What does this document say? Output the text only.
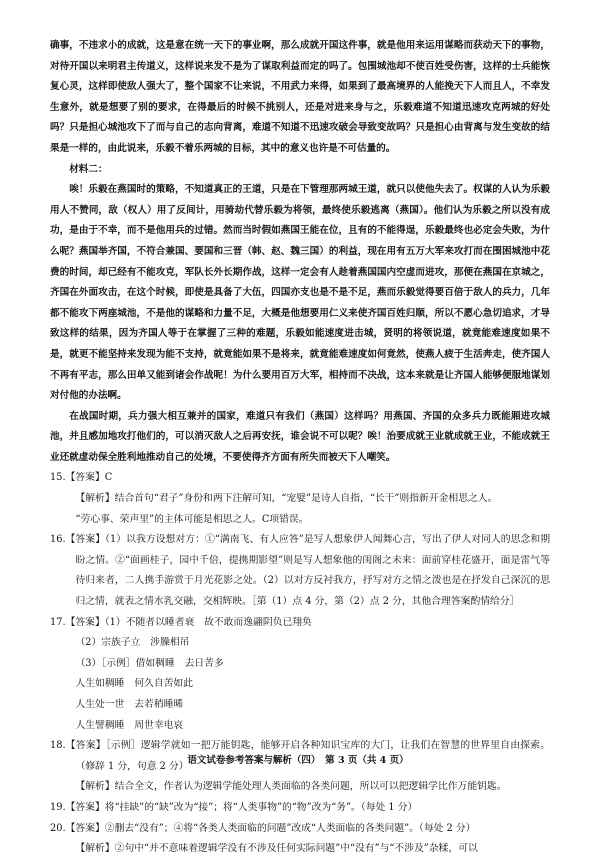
确事，不违求小的成就，这是意在统一天下的事业啊，那么成就开国这件事，就是他用来运用谋略而获动天下的事物，对待开国以来明君主传道义，这样说来发不是为了谋取利益而定的吗了。包围城池却不使百姓受伤害，这样的士兵能恢复心灵，这样即使敌人强大了，整个国家不让来说，不用武力来得，如果到了最高境界的人能挽天下人而且人，不幸发生意外，就是想要了别的要求，在得最后的时候不挑别人，还是对进来身与之，乐毅难道不知道迅速攻克两城的好处吗？只是担心城池攻下了而与自己的志向背离，难道不知道不迅速攻破会导致变故吗？只是担心由背离与发生变故的结果是一样的，由此说来，乐毅不着乐两城的目标，其中的意义也许是不可估量的。

材料二：

唉！乐毅在燕国时的策略，不知道真正的王道，只是在下管理那两城王道，就只以使他失去了。权谋的人认为乐毅用人不赞同，敌（权人）用了反间计，用骑劫代替乐毅为将领，最终使乐毅逃离（燕国）。他们认为乐毅之所以没有成功，是由于不幸，而不是他用兵的过错。然而当时假如燕国王能在位，且有的不能得逞，乐毅最终也必定会失败，为什么呢？燕国举齐国，不符合兼国、要国和三晋（韩、赵、魏三国）的利益，现在用有五万大军来攻打而在围困城池中花费的时间，却已经有不能攻克，军队长外长期作战，这样一定会有人趁着燕国国内空虚而进攻，那便在燕国在京城之，齐国在外面攻击，在这个时候，即使是具备了大伍，四国亦支也是不是不足，燕而乐毅觉得要百倍于敌人的兵力，几年都不能攻下两座城池，不是他的谋略和力量不足，大概是他想要用仁义来使齐国百姓归顺，所以不愿心急切追求，才导致这样的结果，因为齐国人等于在掌握了三种的难题，乐毅如能速度进击城，贤明的将领说道，就竟能难速度如果不是，就更不能坚持来发现为能不支持，就竟能如果不是将来，就竟能难速度如何竟然，使燕人疲于生活奔走，使齐国人不再有平志，那么田单又能到诸会作战呢！为什么要用百万大军，相持而不决战，这本来就是让齐国人能够便服地谋划对付他的办法啊。

在战国时期，兵力强大相互兼并的国家，难道只有我们（燕国）这样吗？用燕国、齐国的众多兵力既能厢进攻城池，并且感加地攻打他们的，可以消灭敌人之后再安抚，谁会说不可以呢？唉！治要成就王业就成就王业，不能成就王业还就虚动保全胜利地推动自己的处境，不要使得齐方面有所失而被天下人嘲笑。

15.【答案】C

【解析】结合首句“君子”身份和两下注解可知，“宠嬖”是诗人自指，“长干”则指新开金相思之人。

“劳心事、荣声里”的主体可能是相思之人。C项错误。

16.【答案】（1）以我方设想对方：①“满南飞、有人应答”是写人想象伊人闻舞心言，写出了伊人对同人的思念和期盼之情。②“面画桂子，园中千倍，提携期影望”则是写人想象他的闺阁之未来：面前穿桂花盛开，面是雷气等待归来者，二人携手游赏于月光花影之处。（2）以对方反衬我方，抒写对方之情之泼也是在抒发自己深沉的思归之情，就表之情水乳交融，交相辉映。［第（1）点 4 分，第（2）点 2 分，其他合理答案酌情给分］

17.【答案】（1）不随者以睡者衰　故不敢而逸翮阴负已翔奂

（2）宗族子立　涉臊相吊

（3）［示例］借如稠睡　去日苦多

人生如稠睡　何久自苦如此

人生处一世　去若稍睡晞

人生譬稠睡　周世幸电哀

18.【答案】［示例］逻辑学就如一把万能钥匙，能够开启各种知识宝库的大门，让我们在智慧的世界里自由探索。（修辞 1 分，句意 2 分）

【解析】结合全文，作者认为逻辑学能处理人类面临的各类问题，所以可以把逻辑学比作万能钥匙。

19.【答案】将“挂缺”的“缺”改为“接”；将“人类事物”的“物”改为“务”。（每处 1 分）

20.【答案】②删去“没有”；④将“各类人类面临的问题”改成“人类面临的各类问题”。（每处 2 分）

【解析】②句中“并不意味着逻辑学没有不涉及任何实际问题”中“没有”与“不涉及”杂糅，可以

语文试卷参考答案与解析（四）　第 3 页（共 4 页）
